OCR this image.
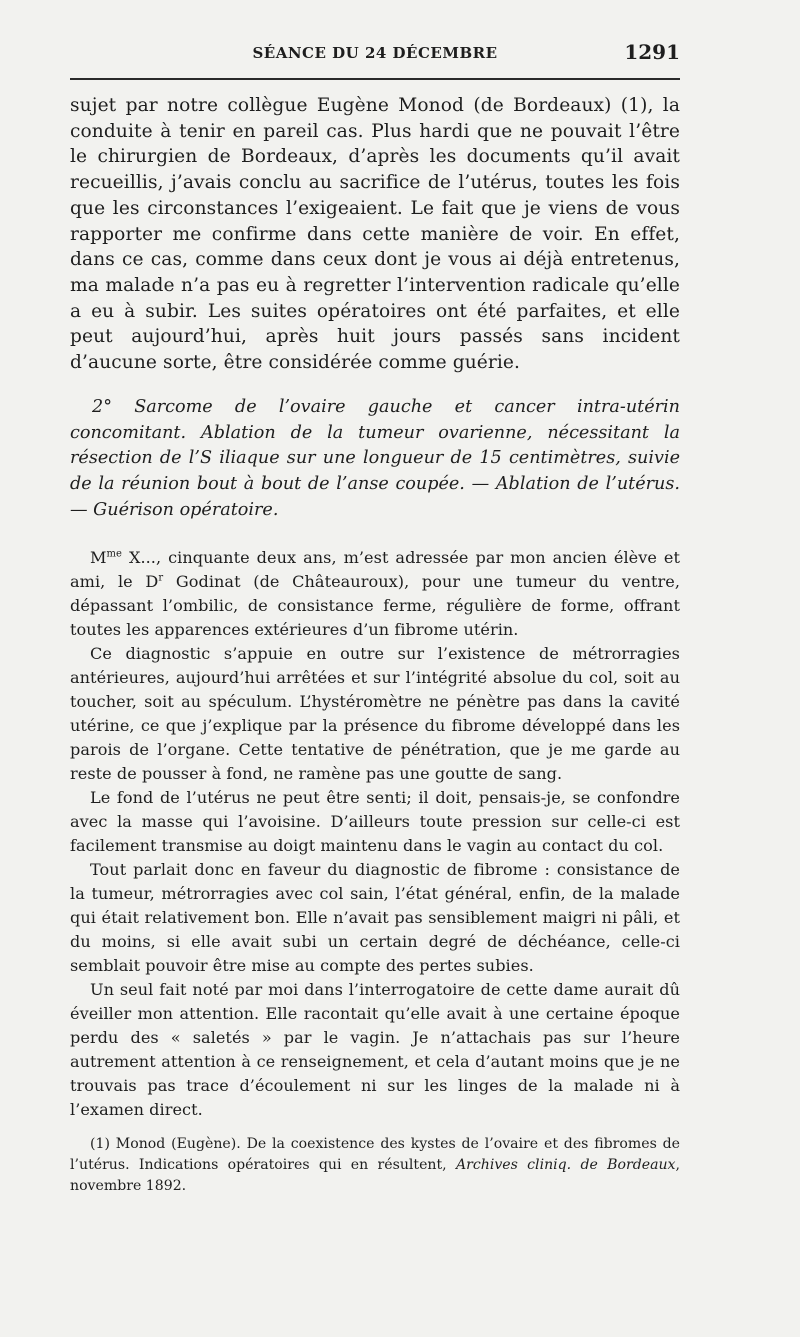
SÉANCE DU 24 DÉCEMBRE	1291

sujet par notre collègue Eugène Monod (de Bordeaux) (1), la conduite à tenir en pareil cas. Plus hardi que ne pouvait l’être le chirurgien de Bordeaux, d’après les documents qu’il avait recueillis, j’avais conclu au sacrifice de l’utérus, toutes les fois que les circonstances l’exigeaient. Le fait que je viens de vous rapporter me confirme dans cette manière de voir. En effet, dans ce cas, comme dans ceux dont je vous ai déjà entretenus, ma malade n’a pas eu à regretter l’intervention radicale qu’elle a eu à subir. Les suites opératoires ont été parfaites, et elle peut aujourd’hui, après huit jours passés sans incident d’aucune sorte, être considérée comme guérie.

2° Sarcome de l’ovaire gauche et cancer intra-utérin concomitant. Ablation de la tumeur ovarienne, nécessitant la résection de l’S iliaque sur une longueur de 15 centimètres, suivie de la réunion bout à bout de l’anse coupée. — Ablation de l’utérus. — Guérison opératoire.

$M^{me}$ X..., cinquante deux ans, m’est adressée par mon ancien élève et ami, le $D^r$ Godinat (de Châteauroux), pour une tumeur du ventre, dépassant l’ombilic, de consistance ferme, régulière de forme, offrant toutes les apparences extérieures d’un fibrome utérin.

Ce diagnostic s’appuie en outre sur l’existence de métrorragies antérieures, aujourd’hui arrêtées et sur l’intégrité absolue du col, soit au toucher, soit au spéculum. L’hystéromètre ne pénètre pas dans la cavité utérine, ce que j’explique par la présence du fibrome développé dans les parois de l’organe. Cette tentative de pénétration, que je me garde au reste de pousser à fond, ne ramène pas une goutte de sang.

Le fond de l’utérus ne peut être senti; il doit, pensais-je, se confondre avec la masse qui l’avoisine. D’ailleurs toute pression sur celle-ci est facilement transmise au doigt maintenu dans le vagin au contact du col.

Tout parlait donc en faveur du diagnostic de fibrome : consistance de la tumeur, métrorragies avec col sain, l’état général, enfin, de la malade qui était relativement bon. Elle n’avait pas sensiblement maigri ni pâli, et du moins, si elle avait subi un certain degré de déchéance, celle-ci semblait pouvoir être mise au compte des pertes subies.

Un seul fait noté par moi dans l’interrogatoire de cette dame aurait dû éveiller mon attention. Elle racontait qu’elle avait à une certaine époque perdu des « saletés » par le vagin. Je n’attachais pas sur l’heure autrement attention à ce renseignement, et cela d’autant moins que je ne trouvais pas trace d’écoulement ni sur les linges de la malade ni à l’examen direct.

(1) Monod (Eugène). De la coexistence des kystes de l’ovaire et des fibromes de l’utérus. Indications opératoires qui en résultent, Archives cliniq. de Bordeaux, novembre 1892.
